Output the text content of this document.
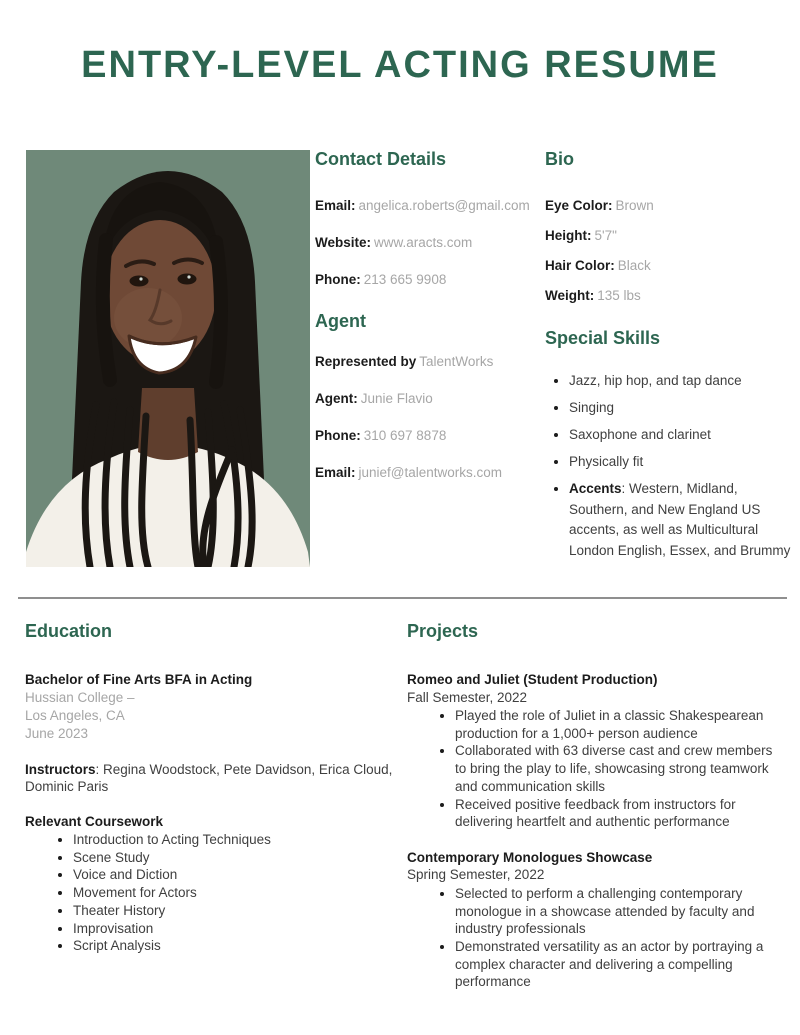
ENTRY-LEVEL ACTING RESUME
Contact Details

Email: angelica.roberts@gmail.com

Website: www.aracts.com

Phone: 213 665 9908

Agent

Represented by TalentWorks

Agent: Junie Flavio

Phone: 310 697 8878

Email: junief@talentworks.com

Bio

Eye Color: Brown

Height: 5'7"

Hair Color: Black

Weight: 135 lbs

Special Skills
• Jazz, hip hop, and tap dance
• Singing
• Saxophone and clarinet
• Physically fit
• Accents: Western, Midland, Southern, and New England US accents, as well as Multicultural London English, Essex, and Brummy
Education

Bachelor of Fine Arts BFA in Acting

Hussian College –
Los Angeles, CA
June 2023

Instructors: Regina Woodstock, Pete Davidson, Erica Cloud, Dominic Paris

Relevant Coursework

• Introduction to Acting Techniques
• Scene Study
• Voice and Diction
• Movement for Actors
• Theater History
• Improvisation
• Script Analysis
Projects

Romeo and Juliet (Student Production)

Fall Semester, 2022

• Played the role of Juliet in a classic Shakespearean production for a 1,000+ person audience
• Collaborated with 63 diverse cast and crew members to bring the play to life, showcasing strong teamwork and communication skills
• Received positive feedback from instructors for delivering heartfelt and authentic performance

Contemporary Monologues Showcase

Spring Semester, 2022

• Selected to perform a challenging contemporary monologue in a showcase attended by faculty and industry professionals
• Demonstrated versatility as an actor by portraying a complex character and delivering a compelling performance
